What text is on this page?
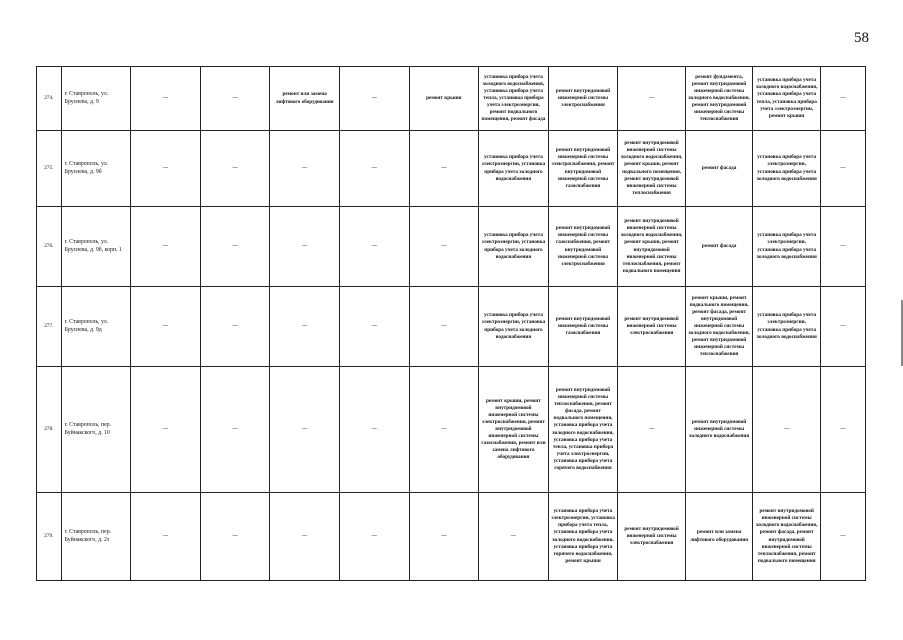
58
274.	г. Ставрополь, ул. Бруснева, д. 9	—	—	ремонт или замена лифтового оборудования	—	ремонт крыши	установка прибора учета холодного водоснабжения, установка прибора учета тепла, установка прибора учета электроэнергии, ремонт подвального помещения, ремонт фасада	ремонт внутридомовой инженерной системы электроснабжения	—	ремонт фундамента, ремонт внутридомовой инженерной системы холодного водоснабжения, ремонт внутридомовой инженерной системы теплоснабжения	установка прибора учета холодного водоснабжения, установка прибора учета тепла, установка прибора учета электроэнергии, ремонт крыши	—
275.	г. Ставрополь, ул. Бруснева, д. 9б	—	—	—	—	—	установка прибора учета электроэнергии, установка прибора учета холодного водоснабжения	ремонт внутридомовой инженерной системы электроснабжения, ремонт внутридомовой инженерной системы газоснабжения	ремонт внутридомовой инженерной системы холодного водоснабжения, ремонт крыши, ремонт подвального помещения, ремонт внутридомовой инженерной системы теплоснабжения	ремонт фасада	установка прибора учета электроэнергии, установка прибора учета холодного водоснабжения	—
276.	г. Ставрополь, ул. Бруснева, д. 9б, корп. 1	—	—	—	—	—	установка прибора учета электроэнергии, установка прибора учета холодного водоснабжения	ремонт внутридомовой инженерной системы газоснабжения, ремонт внутридомовой инженерной системы электроснабжения	ремонт внутридомовой инженерной системы холодного водоснабжения, ремонт крыши, ремонт внутридомовой инженерной системы теплоснабжения, ремонт подвального помещения	ремонт фасада	установка прибора учета электроэнергии, установка прибора учета холодного водоснабжения	—
277.	г. Ставрополь, ул. Бруснева, д. 9д	—	—	—	—	—	установка прибора учета электроэнергии, установка прибора учета холодного водоснабжения	ремонт внутридомовой инженерной системы газоснабжения	ремонт внутридомовой инженерной системы электроснабжения	ремонт крыши, ремонт подвального помещения, ремонт фасада, ремонт внутридомовой инженерной системы холодного водоснабжения, ремонт внутридомовой инженерной системы теплоснабжения	установка прибора учета электроэнергии, установка прибора учета холодного водоснабжения	—
278.	г. Ставрополь, пер. Буйнакского, д. 10	—	—	—	—	—	ремонт крыши, ремонт внутридомовой инженерной системы электроснабжения, ремонт внутридомовой инженерной системы газоснабжения, ремонт или замена лифтового оборудования	ремонт внутридомовой инженерной системы теплоснабжения, ремонт фасада, ремонт подвального помещения, установка прибора учета холодного водоснабжения, установка прибора учета тепла, установка прибора учета электроэнергии, установка прибора учета горячего водоснабжения	—	ремонт внутридомовой инженерной системы холодного водоснабжения	—	—
279.	г. Ставрополь, пер. Буйнакского, д. 2з	—	—	—	—	—	—	установка прибора учета электроэнергии, установка прибора учета тепла, установка прибора учета холодного водоснабжения, установка прибора учета горячего водоснабжения, ремонт крыши	ремонт внутридомовой инженерной системы электроснабжения	ремонт или замена лифтового оборудования	ремонт внутридомовой инженерной системы холодного водоснабжения, ремонт фасада, ремонт внутридомовой инженерной системы теплоснабжения, ремонт подвального помещения	—
